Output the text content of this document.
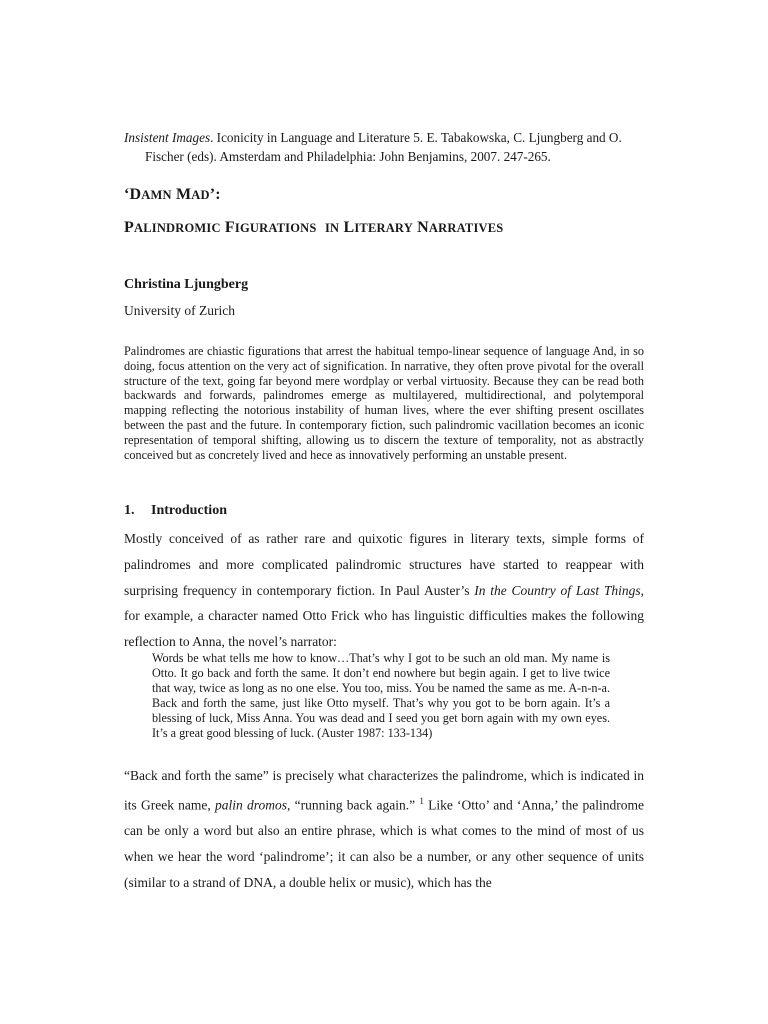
Insistent Images. Iconicity in Language and Literature 5. E. Tabakowska, C. Ljungberg and O.
Fischer (eds). Amsterdam and Philadelphia: John Benjamins, 2007. 247-265.
‘DAMN MAD’:
PALINDROMIC FIGURATIONS IN LITERARY NARRATIVES
Christina Ljungberg
University of Zurich
Palindromes are chiastic figurations that arrest the habitual tempo-linear sequence of language And, in so doing, focus attention on the very act of signification. In narrative, they often prove pivotal for the overall structure of the text, going far beyond mere wordplay or verbal virtuosity. Because they can be read both backwards and forwards, palindromes emerge as multilayered, multidirectional, and polytemporal mapping reflecting the notorious instability of human lives, where the ever shifting present oscillates between the past and the future. In contemporary fiction, such palindromic vacillation becomes an iconic representation of temporal shifting, allowing us to discern the texture of temporality, not as abstractly conceived but as concretely lived and hece as innovatively performing an unstable present.
1. Introduction
Mostly conceived of as rather rare and quixotic figures in literary texts, simple forms of palindromes and more complicated palindromic structures have started to reappear with surprising frequency in contemporary fiction. In Paul Auster’s In the Country of Last Things, for example, a character named Otto Frick who has linguistic difficulties makes the following reflection to Anna, the novel’s narrator:
Words be what tells me how to know…That’s why I got to be such an old man. My name is Otto. It go back and forth the same. It don’t end nowhere but begin again. I get to live twice that way, twice as long as no one else. You too, miss. You be named the same as me. A-n-n-a. Back and forth the same, just like Otto myself. That’s why you got to be born again. It’s a blessing of luck, Miss Anna. You was dead and I seed you get born again with my own eyes. It’s a great good blessing of luck. (Auster 1987: 133-134)
“Back and forth the same” is precisely what characterizes the palindrome, which is indicated in its Greek name, palin dromos, “running back again.” $^1$ Like ‘Otto’ and ‘Anna,’ the palindrome can be only a word but also an entire phrase, which is what comes to the mind of most of us when we hear the word ‘palindrome’; it can also be a number, or any other sequence of units (similar to a strand of DNA, a double helix or music), which has the
